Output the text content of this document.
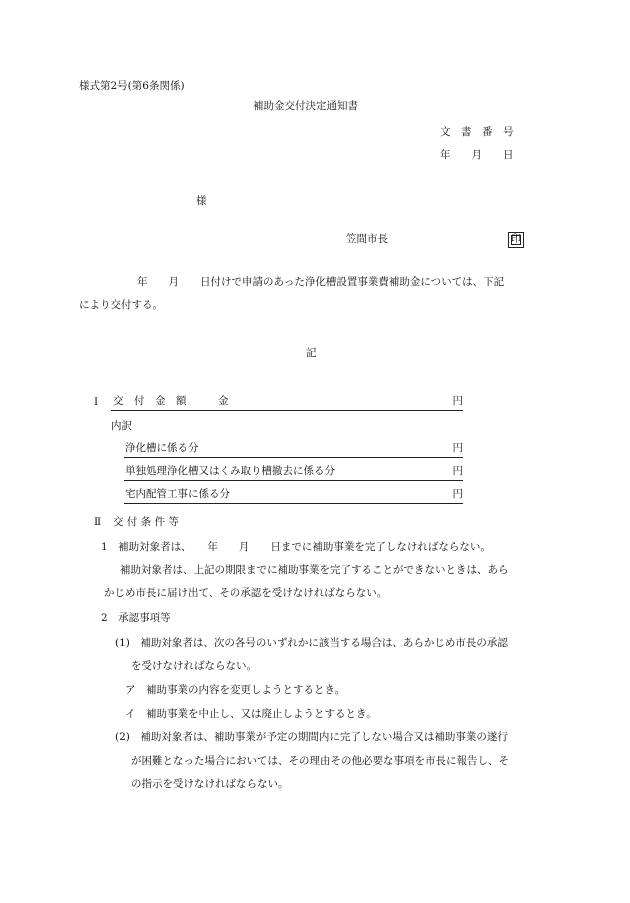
様式第2号(第6条関係)
補助金交付決定通知書
文　書　番　号
年　　月　　日
様
笠間市長	印
年　　月　　日付けで申請のあった浄化槽設置事業費補助金については、下記
により交付する。
記
Ⅰ 交　付　金　額　　　金	円
内訳
浄化槽に係る分	円
単独処理浄化槽又はくみ取り槽撤去に係る分	円
宅内配管工事に係る分	円
Ⅱ 交 付 条 件 等
1　補助対象者は、　　年　　月　　日までに補助事業を完了しなければならない。
補助対象者は、上記の期限までに補助事業を完了することができないときは、あら
かじめ市長に届け出て、その承認を受けなければならない。
2　承認事項等
(1)　補助対象者は、次の各号のいずれかに該当する場合は、あらかじめ市長の承認
を受けなければならない。
ア　補助事業の内容を変更しようとするとき。
イ　補助事業を中止し、又は廃止しようとするとき。
(2)　補助対象者は、補助事業が予定の期間内に完了しない場合又は補助事業の遂行
が困難となった場合においては、その理由その他必要な事項を市長に報告し、そ
の指示を受けなければならない。
